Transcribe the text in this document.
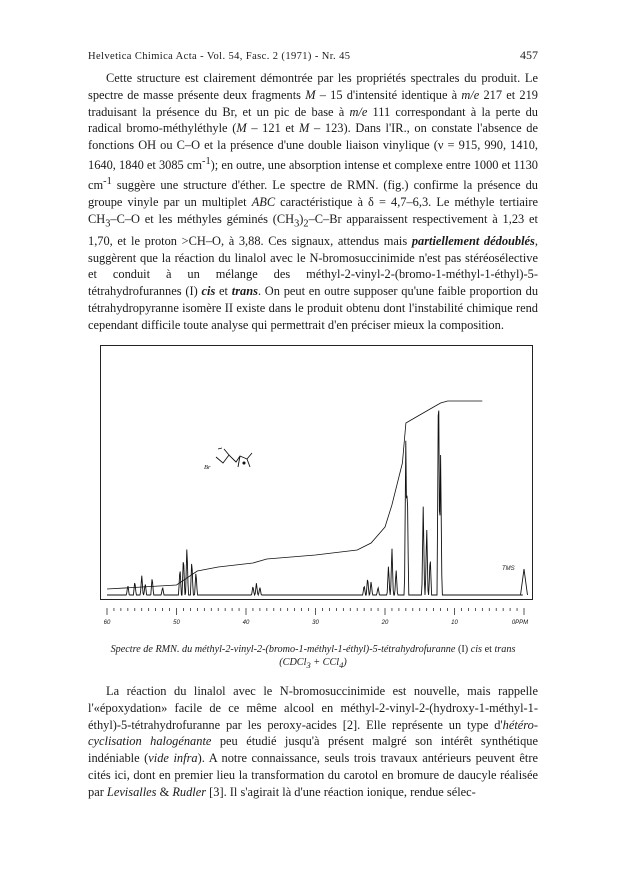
Helvetica Chimica Acta - Vol. 54, Fasc. 2 (1971) - Nr. 45	457

Cette structure est clairement démontrée par les propriétés spectrales du produit. Le spectre de masse présente deux fragments M – 15 d'intensité identique à m/e 217 et 219 traduisant la présence du Br, et un pic de base à m/e 111 correspondant à la perte du radical bromo-méthyléthyle (M – 121 et M – 123). Dans l'IR., on constate l'absence de fonctions OH ou C–O et la présence d'une double liaison vinylique (ν = 915, 990, 1410, 1640, 1840 et 3085 $cm^{-1}$); en outre, une absorption intense et complexe entre 1000 et 1130 $cm^{-1}$ suggère une structure d'éther. Le spectre de RMN. (fig.) confirme la présence du groupe vinyle par un multiplet ABC caractéristique à δ = 4,7–6,3. Le méthyle tertiaire $CH_3-C-O$ et les méthyles géminés $(CH_3)_2-C-Br$ apparaissent respectivement à 1,23 et 1,70, et le proton >CH–O, à 3,88. Ces signaux, attendus mais partiellement dédoublés, suggèrent que la réaction du linalol avec le N-bromosuccinimide n'est pas stéréosélective et conduit à un mélange des méthyl-2-vinyl-2-(bromo-1-méthyl-1-éthyl)-5-tétrahydrofurannes (I) cis et trans. On peut en outre supposer qu'une faible proportion du tétrahydropyranne isomère II existe dans le produit obtenu dont l'instabilité chimique rend cependant difficile toute analyse qui permettrait d'en préciser mieux la composition.

60	50	40	30	20	10	0PPM
Br
TMS
Spectre de RMN. du méthyl-2-vinyl-2-(bromo-1-méthyl-1-éthyl)-5-tétrahydrofuranne (I) cis et trans
(CDCl$_3$ + CCl$_4$)

La réaction du linalol avec le N-bromosuccinimide est nouvelle, mais rappelle l'«époxydation» facile de ce même alcool en méthyl-2-vinyl-2-(hydroxy-1-méthyl-1-éthyl)-5-tétrahydrofuranne par les peroxy-acides [2]. Elle représente un type d'hétéro-cyclisation halogénante peu étudié jusqu'à présent malgré son intérêt synthétique indéniable (vide infra). A notre connaissance, seuls trois travaux antérieurs peuvent être cités ici, dont en premier lieu la transformation du carotol en bromure de daucyle réalisée par Levisalles & Rudler [3]. Il s'agirait là d'une réaction ionique, rendue sélec-
